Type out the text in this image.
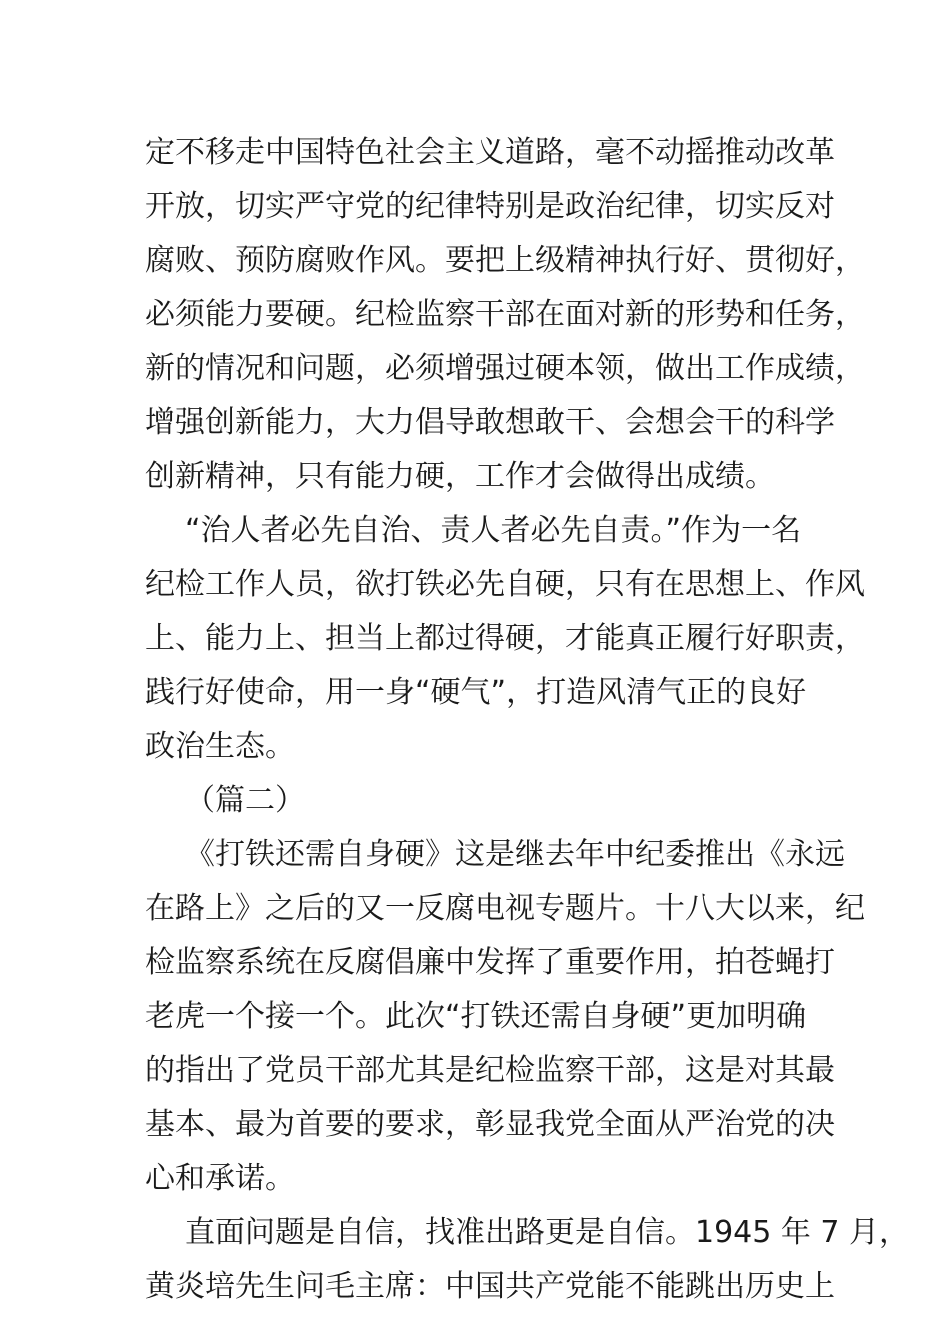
定不移走中国特色社会主义道路，毫不动摇推动改革
开放，切实严守党的纪律特别是政治纪律，切实反对
腐败、预防腐败作风。要把上级精神执行好、贯彻好，
必须能力要硬。纪检监察干部在面对新的形势和任务，
新的情况和问题，必须增强过硬本领，做出工作成绩，
增强创新能力，大力倡导敢想敢干、会想会干的科学
创新精神，只有能力硬，工作才会做得出成绩。
“治人者必先自治、责人者必先自责。”作为一名
纪检工作人员，欲打铁必先自硬，只有在思想上、作风
上、能力上、担当上都过得硬，才能真正履行好职责，
践行好使命，用一身“硬气”，打造风清气正的良好
政治生态。
（篇二）
《打铁还需自身硬》这是继去年中纪委推出《永远
在路上》之后的又一反腐电视专题片。十八大以来，纪
检监察系统在反腐倡廉中发挥了重要作用，拍苍蝇打
老虎一个接一个。此次“打铁还需自身硬”更加明确
的指出了党员干部尤其是纪检监察干部，这是对其最
基本、最为首要的要求，彰显我党全面从严治党的决
心和承诺。
直面问题是自信，找准出路更是自信。1945 年 7 月，
黄炎培先生问毛主席：中国共产党能不能跳出历史上
